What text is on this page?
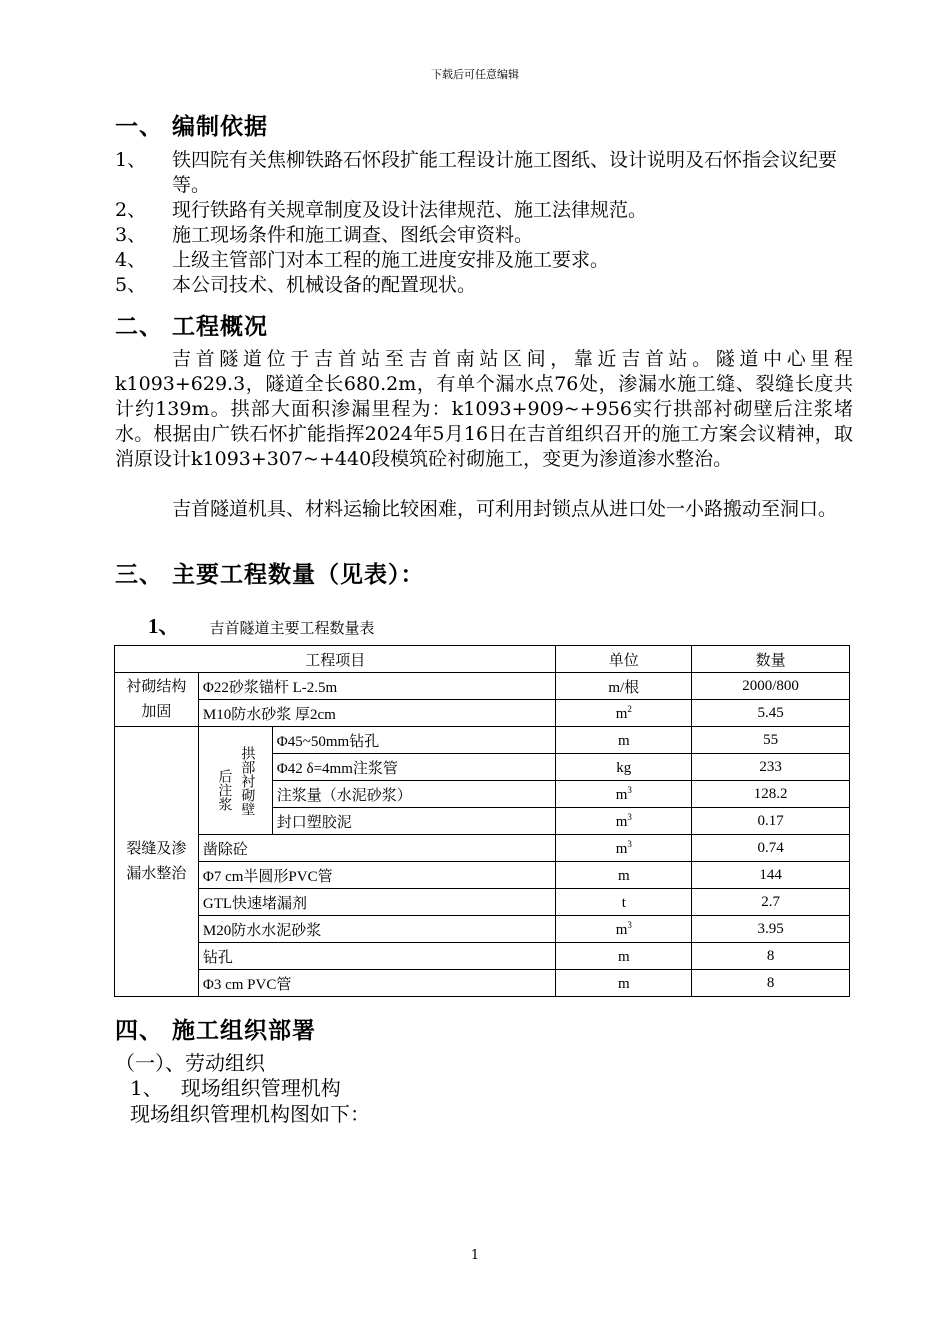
下载后可任意编辑
一、 编制依据
1、 铁四院有关焦柳铁路石怀段扩能工程设计施工图纸、设计说明及石怀指会议纪要等。
2、 现行铁路有关规章制度及设计法律规范、施工法律规范。
3、 施工现场条件和施工调查、图纸会审资料。
4、 上级主管部门对本工程的施工进度安排及施工要求。
5、 本公司技术、机械设备的配置现状。
二、 工程概况
吉首隧道位于吉首站至吉首南站区间，靠近吉首站。隧道中心里程k1093+629.3，隧道全长680.2m，有单个漏水点76处，渗漏水施工缝、裂缝长度共计约139m。拱部大面积渗漏里程为：k1093+909~+956实行拱部衬砌壁后注浆堵水。根据由广铁石怀扩能指挥2024年5月16日在吉首组织召开的施工方案会议精神，取消原设计k1093+307~+440段模筑砼衬砌施工，变更为渗道渗水整治。
吉首隧道机具、材料运输比较困难，可利用封锁点从进口处一小路搬动至洞口。
三、 主要工程数量（见表）：
1、 吉首隧道主要工程数量表
工程项目			单位	数量
衬砌结构加固	Φ22砂浆锚杆 L-2.5m		m/根	2000/800
	M10防水砂浆 厚2cm		$m^2$	5.45
裂缝及渗漏水整治	后注浆 拱部衬砌壁	Φ45~50mm钻孔	m	55
		Φ42 δ=4mm注浆管	kg	233
		注浆量（水泥砂浆）	$m^3$	128.2
		封口塑胶泥	$m^3$	0.17
	凿除砼		$m^3$	0.74
	Φ7 cm半圆形PVC管		m	144
	GTL快速堵漏剂		t	2.7
	M20防水水泥砂浆		$m^3$	3.95
	钻孔		m	8
	Φ3 cm PVC管		m	8
四、 施工组织部署
（一）、劳动组织
1、 现场组织管理机构
现场组织管理机构图如下：
1
